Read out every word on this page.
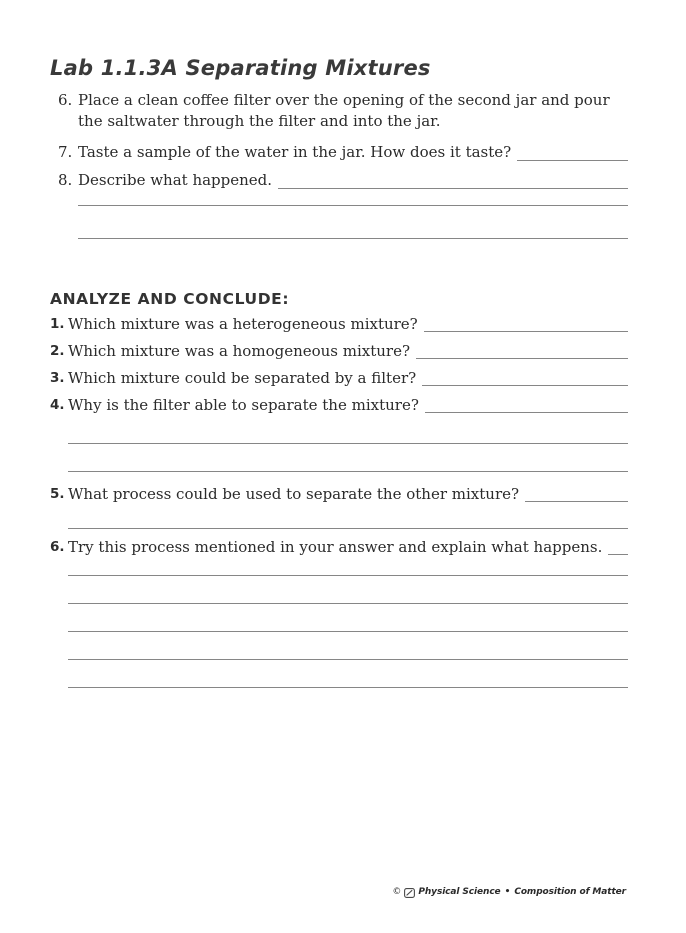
Lab 1.1.3A Separating Mixtures
6. Place a clean coffee filter over the opening of the second jar and pour the saltwater through the filter and into the jar.
7. Taste a sample of the water in the jar. How does it taste?
8. Describe what happened.
ANALYZE AND CONCLUDE:
1. Which mixture was a heterogeneous mixture?
2. Which mixture was a homogeneous mixture?
3. Which mixture could be separated by a filter?
4. Why is the filter able to separate the mixture?
5. What process could be used to separate the other mixture?
6. Try this process mentioned in your answer and explain what happens.
© Physical Science • Composition of Matter
